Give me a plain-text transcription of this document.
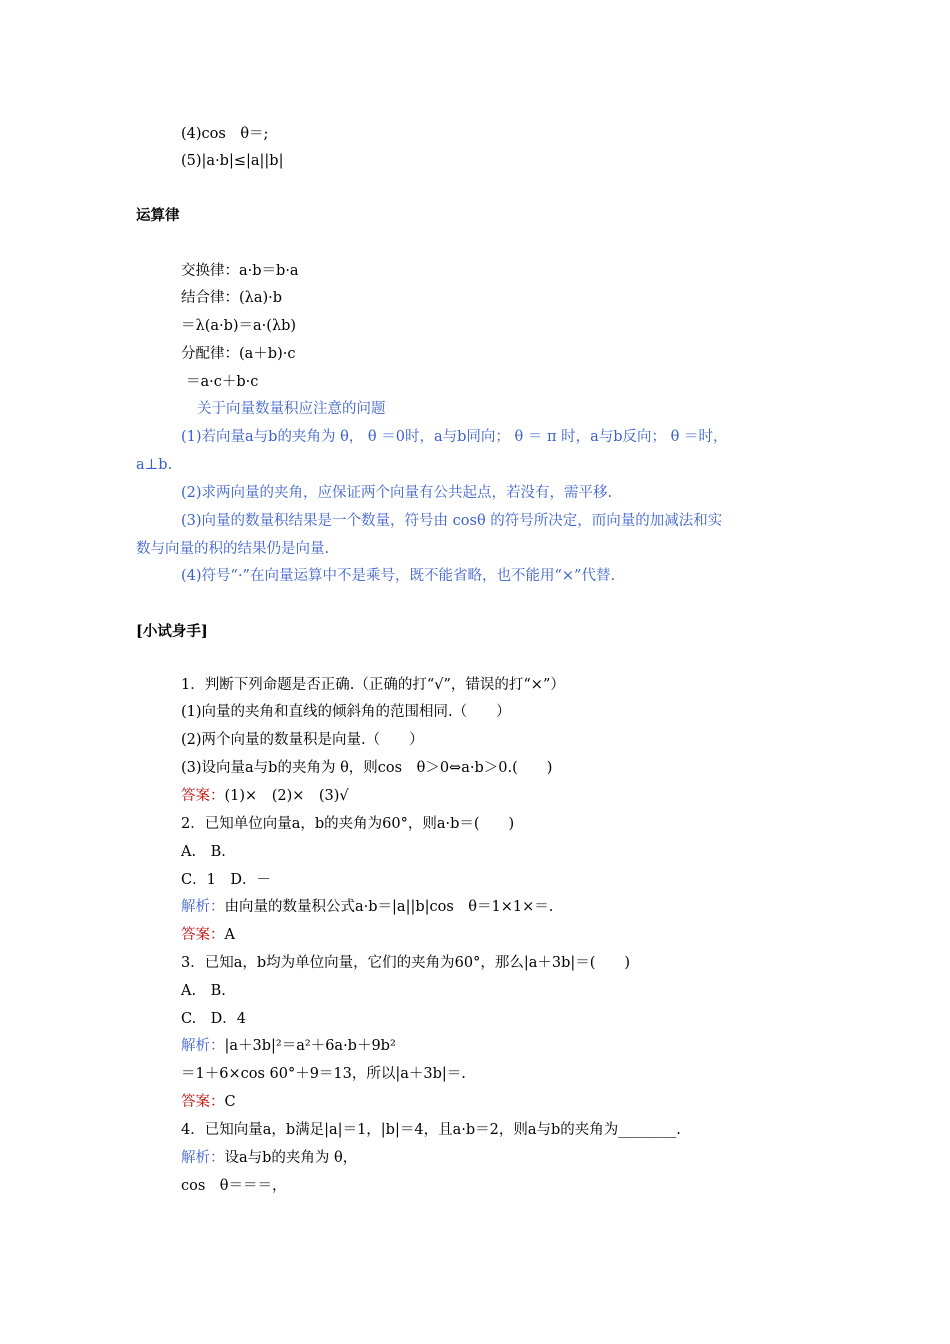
(4)cos　θ＝;
(5)|a·b|≤|a||b|
运算律
交换律：a·b＝b·a
结合律：(λa)·b
＝λ(a·b)＝a·(λb)
分配律：(a＋b)·c
＝a·c＋b·c
关于向量数量积应注意的问题
(1)若向量a与b的夹角为 θ， θ ＝0时，a与b同向； θ ＝ π 时，a与b反向； θ ＝时，
a⊥b.
(2)求两向量的夹角，应保证两个向量有公共起点，若没有，需平移.
(3)向量的数量积结果是一个数量，符号由 cosθ 的符号所决定，而向量的加减法和实
数与向量的积的结果仍是向量.
(4)符号“·”在向量运算中不是乘号，既不能省略，也不能用“×”代替.
[小试身手]
1．判断下列命题是否正确.（正确的打“√”，错误的打“×”）
(1)向量的夹角和直线的倾斜角的范围相同.（　　）
(2)两个向量的数量积是向量.（　　）
(3)设向量a与b的夹角为 θ，则cos　θ＞0⇔a·b＞0.(　　)
答案：(1)×　(2)×　(3)√
2．已知单位向量a，b的夹角为60°，则a·b＝(　　)
A.　B.
C．1　D．－
解析：由向量的数量积公式a·b＝|a||b|cos　θ＝1×1×＝.
答案：A
3．已知a，b均为单位向量，它们的夹角为60°，那么|a＋3b|＝(　　)
A.　B.
C.　D．4
解析：|a＋3b|²＝a²＋6a·b＋9b²
＝1＋6×cos 60°＋9＝13，所以|a＋3b|＝.
答案：C
4．已知向量a，b满足|a|＝1，|b|＝4，且a·b＝2，则a与b的夹角为________.
解析：设a与b的夹角为 θ，
cos　θ＝＝＝，
